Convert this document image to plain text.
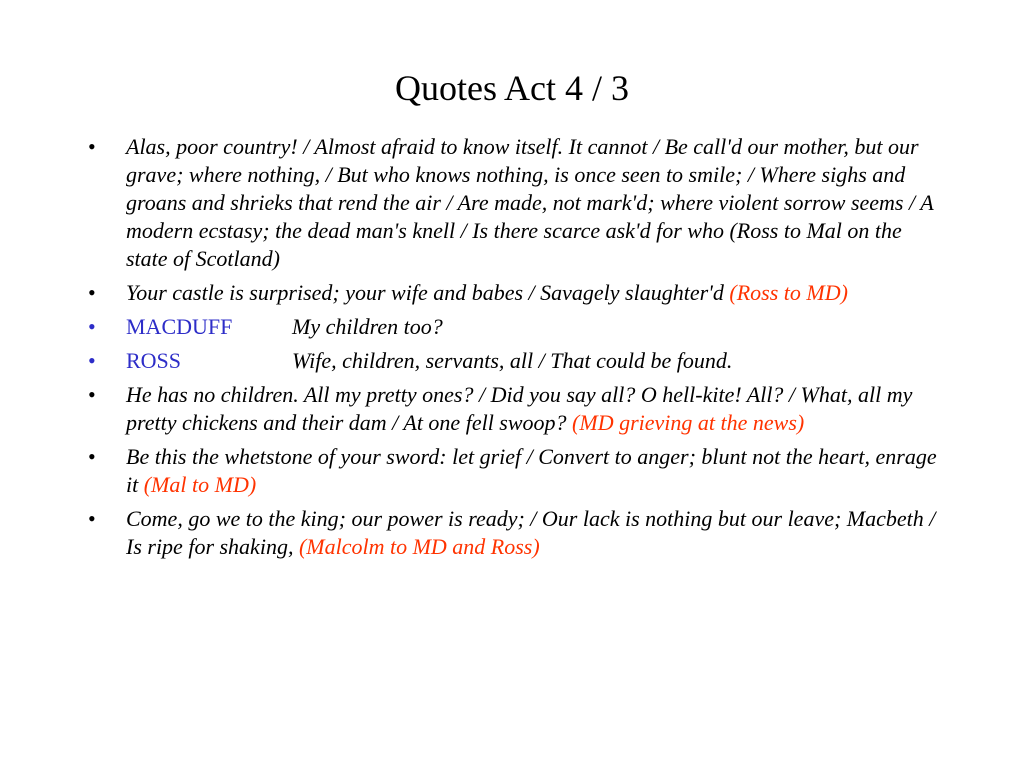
Quotes Act 4 / 3
•	Alas, poor country! / Almost afraid to know itself. It cannot / Be call'd our mother, but our grave; where nothing, / But who knows nothing, is once seen to smile; / Where sighs and groans and shrieks that rend the air / Are made, not mark'd; where violent sorrow seems / A modern ecstasy; the dead man's knell / Is there scarce ask'd for who (Ross to Mal on the state of Scotland)
•	Your castle is surprised; your wife and babes / Savagely slaughter'd (Ross to MD)
•	MACDUFF	My children too?
•	ROSS	Wife, children, servants, all / That could be found.
•	He has no children. All my pretty ones? / Did you say all? O hell-kite! All? / What, all my pretty chickens and their dam / At one fell swoop? (MD grieving at the news)
•	Be this the whetstone of your sword: let grief / Convert to anger; blunt not the heart, enrage it (Mal to MD)
•	Come, go we to the king; our power is ready; / Our lack is nothing but our leave; Macbeth / Is ripe for shaking, (Malcolm to MD and Ross)
